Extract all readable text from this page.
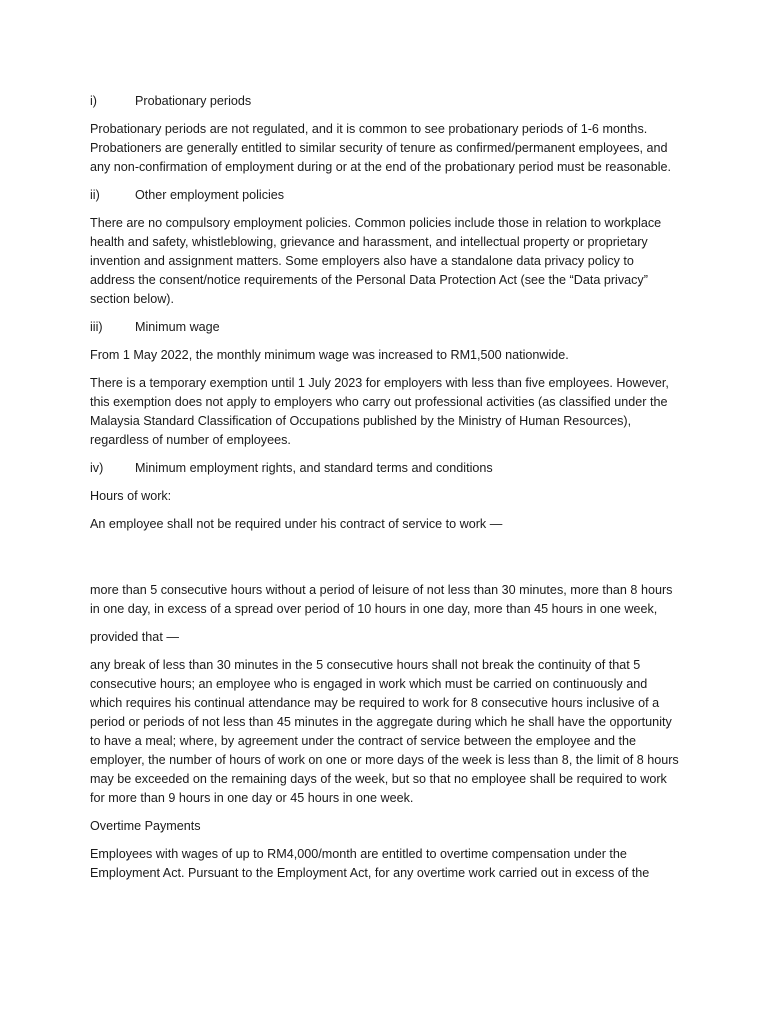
i)	Probationary periods

Probationary periods are not regulated, and it is common to see probationary periods of 1-6 months. Probationers are generally entitled to similar security of tenure as confirmed/permanent employees, and any non-confirmation of employment during or at the end of the probationary period must be reasonable.

ii)	Other employment policies

There are no compulsory employment policies. Common policies include those in relation to workplace health and safety, whistleblowing, grievance and harassment, and intellectual property or proprietary invention and assignment matters. Some employers also have a standalone data privacy policy to address the consent/notice requirements of the Personal Data Protection Act (see the “Data privacy” section below).

iii)	Minimum wage

From 1 May 2022, the monthly minimum wage was increased to RM1,500 nationwide.

There is a temporary exemption until 1 July 2023 for employers with less than five employees. However, this exemption does not apply to employers who carry out professional activities (as classified under the Malaysia Standard Classification of Occupations published by the Ministry of Human Resources), regardless of number of employees.

iv)	Minimum employment rights, and standard terms and conditions

Hours of work:

An employee shall not be required under his contract of service to work —

more than 5 consecutive hours without a period of leisure of not less than 30 minutes, more than 8 hours in one day, in excess of a spread over period of 10 hours in one day, more than 45 hours in one week,

provided that —

any break of less than 30 minutes in the 5 consecutive hours shall not break the continuity of that 5 consecutive hours; an employee who is engaged in work which must be carried on continuously and which requires his continual attendance may be required to work for 8 consecutive hours inclusive of a period or periods of not less than 45 minutes in the aggregate during which he shall have the opportunity to have a meal; where, by agreement under the contract of service between the employee and the employer, the number of hours of work on one or more days of the week is less than 8, the limit of 8 hours may be exceeded on the remaining days of the week, but so that no employee shall be required to work for more than 9 hours in one day or 45 hours in one week.

Overtime Payments

Employees with wages of up to RM4,000/month are entitled to overtime compensation under the Employment Act. Pursuant to the Employment Act, for any overtime work carried out in excess of the
